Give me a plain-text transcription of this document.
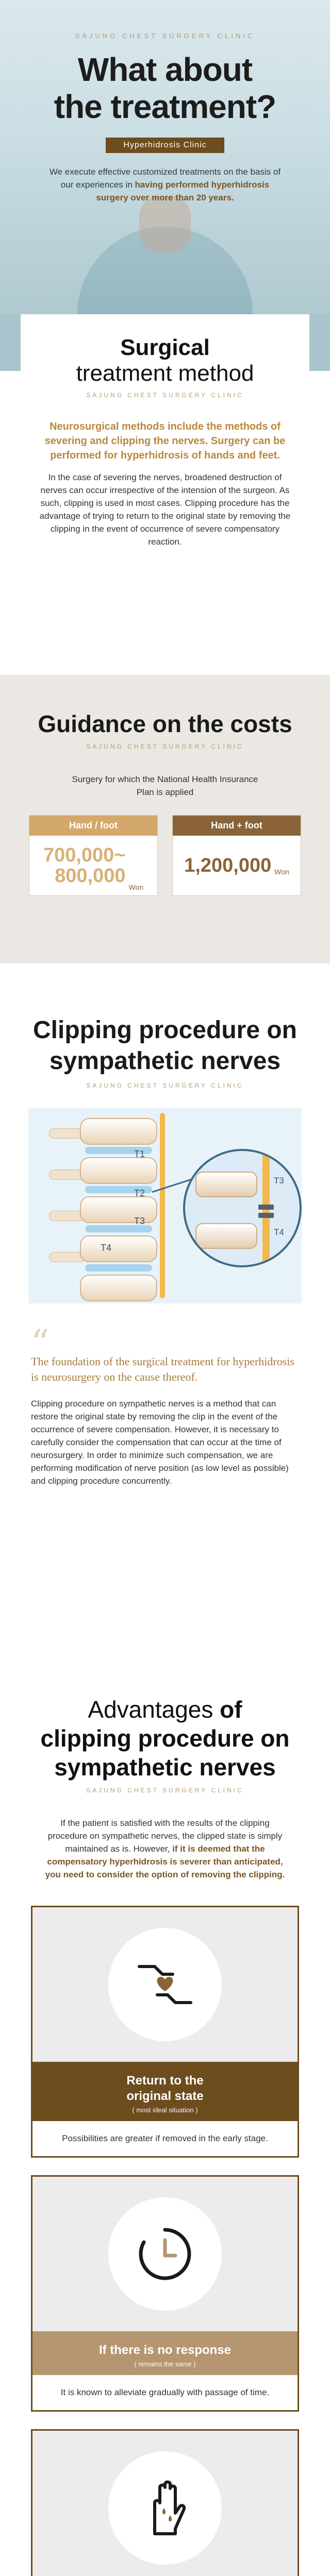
SAJUNG CHEST SURGERY CLINIC
What about
the treatment?
Hyperhidrosis Clinic

We execute effective customized treatments on the basis of our experiences in having performed hyperhidrosis surgery over more than 20 years.

Surgical
treatment method
SAJUNG CHEST SURGERY CLINIC

Neurosurgical methods include the methods of severing and clipping the nerves. Surgery can be performed for hyperhidrosis of hands and feet.

In the case of severing the nerves, broadened destruction of nerves can occur irrespective of the intension of the surgeon. As such, clipping is used in most cases. Clipping procedure has the advantage of trying to return to the original state by removing the clipping in the event of occurrence of severe compensatory reaction.

Guidance on the costs
SAJUNG CHEST SURGERY CLINIC

Surgery for which the National Health Insurance Plan is applied

Hand / foot
700,000~
800,000
Won
Hand + foot
1,200,000 Won
Clipping procedure on
sympathetic nerves
SAJUNG CHEST SURGERY CLINIC
T1
T2
T3
T4
T3
T4
“

The foundation of the surgical treatment for hyperhidrosis is neurosurgery on the cause thereof.

Clipping procedure on sympathetic nerves is a method that can restore the original state by removing the clip in the event of the occurrence of severe compensation. However, it is necessary to carefully consider the compensation that can occur at the time of neurosurgery. In order to minimize such compensation, we are performing modification of nerve position (as low level as possible) and clipping procedure concurrently.

Advantages of
clipping procedure on
sympathetic nerves
SAJUNG CHEST SURGERY CLINIC

If the patient is satisfied with the results of the clipping procedure on sympathetic nerves, the clipped state is simply maintained as is. However, if it is deemed that the compensatory hyperhidrosis is severer than anticipated, you need to consider the option of removing the clipping.

Return to the
original state
( most ideal situation )
Possibilities are greater if removed in the early stage.
If there is no response
( remains the same )
It is known to alleviate gradually with passage of time.
